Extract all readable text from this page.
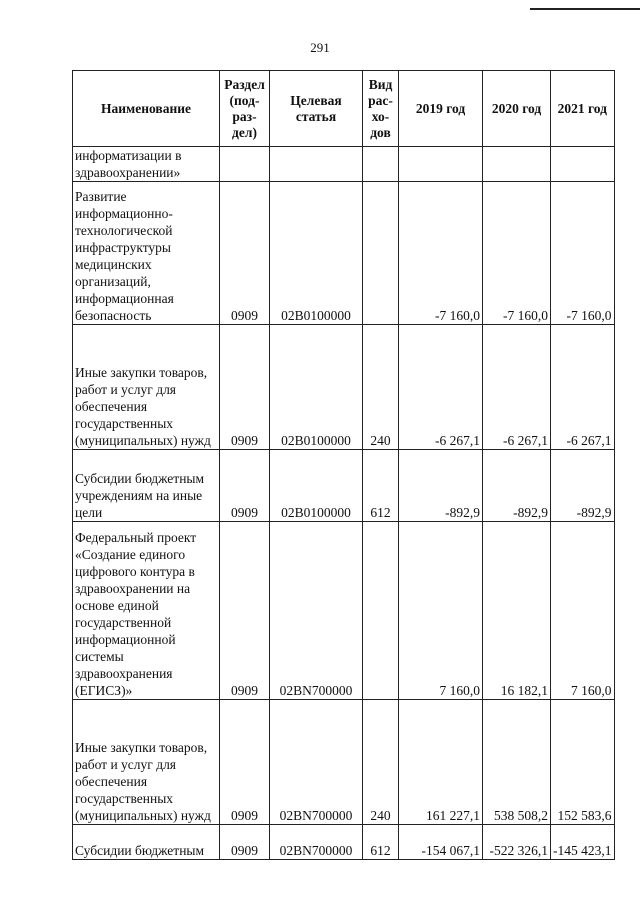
291
Наименование	Раздел (под-раз-дел)	Целевая статья	Вид рас-хо-дов	2019 год	2020 год	2021 год
информатизации в здравоохранении»						
Развитие информационно-технологической инфраструктуры медицинских организаций, информационная безопасность	0909	02В0100000		-7 160,0	-7 160,0	-7 160,0
Иные закупки товаров, работ и услуг для обеспечения государственных (муниципальных) нужд	0909	02В0100000	240	-6 267,1	-6 267,1	-6 267,1
Субсидии бюджетным учреждениям на иные цели	0909	02В0100000	612	-892,9	-892,9	-892,9
Федеральный проект «Создание единого цифрового контура в здравоохранении на основе единой государственной информационной системы здравоохранения (ЕГИСЗ)»	0909	02ВN700000		7 160,0	16 182,1	7 160,0
Иные закупки товаров, работ и услуг для обеспечения государственных (муниципальных) нужд	0909	02ВN700000	240	161 227,1	538 508,2	152 583,6
Субсидии бюджетным	0909	02ВN700000	612	-154 067,1	-522 326,1	-145 423,1
